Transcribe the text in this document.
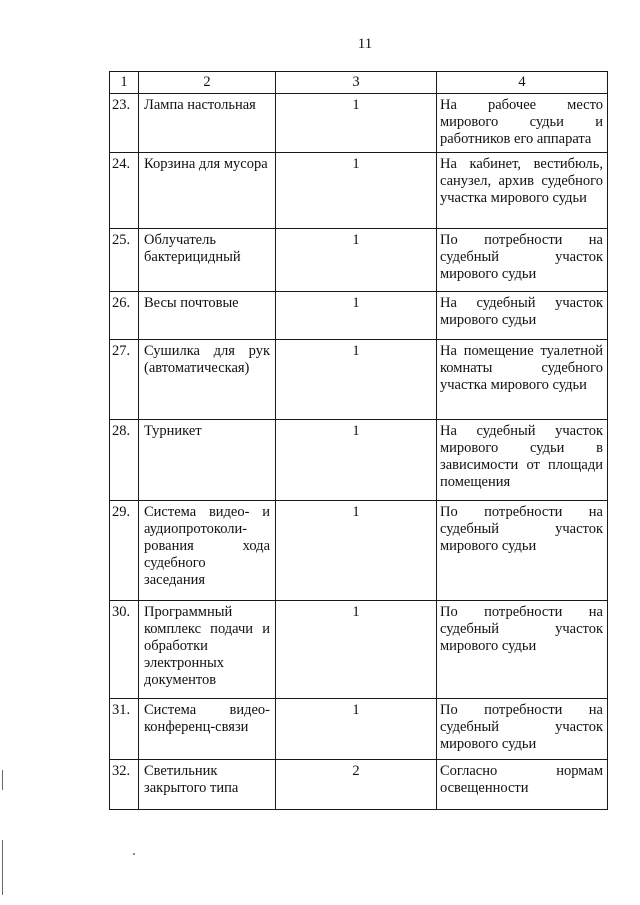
11
1	2	3	4
23.	Лампа настольная	1	На рабочее место мирового судьи и работников его аппарата
24.	Корзина для мусора	1	На кабинет, вестибюль, санузел, архив судебного участка мирового судьи
25.	Облучатель бактерицидный	1	По потребности на судебный участок мирового судьи
26.	Весы почтовые	1	На судебный участок мирового судьи
27.	Сушилка для рук (автоматическая)	1	На помещение туалетной комнаты судебного участка мирового судьи
28.	Турникет	1	На судебный участок мирового судьи в зависимости от площади помещения
29.	Система видео- и аудиопротоколи-рования хода судебного заседания	1	По потребности на судебный участок мирового судьи
30.	Программный комплекс подачи и обработки электронных документов	1	По потребности на судебный участок мирового судьи
31.	Система видео-конференц-связи	1	По потребности на судебный участок мирового судьи
32.	Светильник закрытого типа	2	Согласно нормам освещенности
